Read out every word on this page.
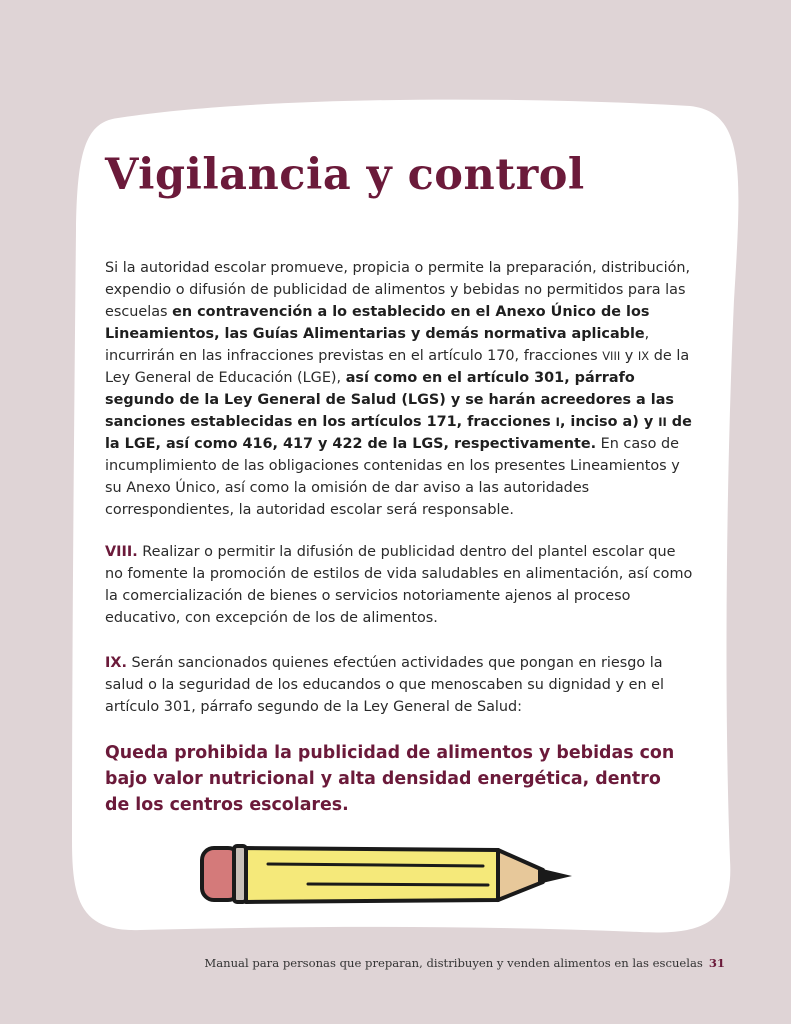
Vigilancia y control

Si la autoridad escolar promueve, propicia o permite la preparación, distribución, expendio o difusión de publicidad de alimentos y bebidas no permitidos para las escuelas en contravención a lo establecido en el Anexo Único de los Lineamientos, las Guías Alimentarias y demás normativa aplicable, incurrirán en las infracciones previstas en el artículo 170, fracciones VIII y IX de la Ley General de Educación (LGE), así como en el artículo 301, párrafo segundo de la Ley General de Salud (LGS) y se harán acreedores a las sanciones establecidas en los artículos 171, fracciones I, inciso a) y II de la LGE, así como 416, 417 y 422 de la LGS, respectivamente. En caso de incumplimiento de las obligaciones contenidas en los presentes Lineamientos y su Anexo Único, así como la omisión de dar aviso a las autoridades correspondientes, la autoridad escolar será responsable.

VIII. Realizar o permitir la difusión de publicidad dentro del plantel escolar que no fomente la promoción de estilos de vida saludables en alimentación, así como la comercialización de bienes o servicios notoriamente ajenos al proceso educativo, con excepción de los de alimentos.

IX. Serán sancionados quienes efectúen actividades que pongan en riesgo la salud o la seguridad de los educandos o que menoscaben su dignidad y en el artículo 301, párrafo segundo de la Ley General de Salud:

Queda prohibida la publicidad de alimentos y bebidas con bajo valor nutricional y alta densidad energética, dentro de los centros escolares.

Manual para personas que preparan, distribuyen y venden alimentos en las escuelas 31
